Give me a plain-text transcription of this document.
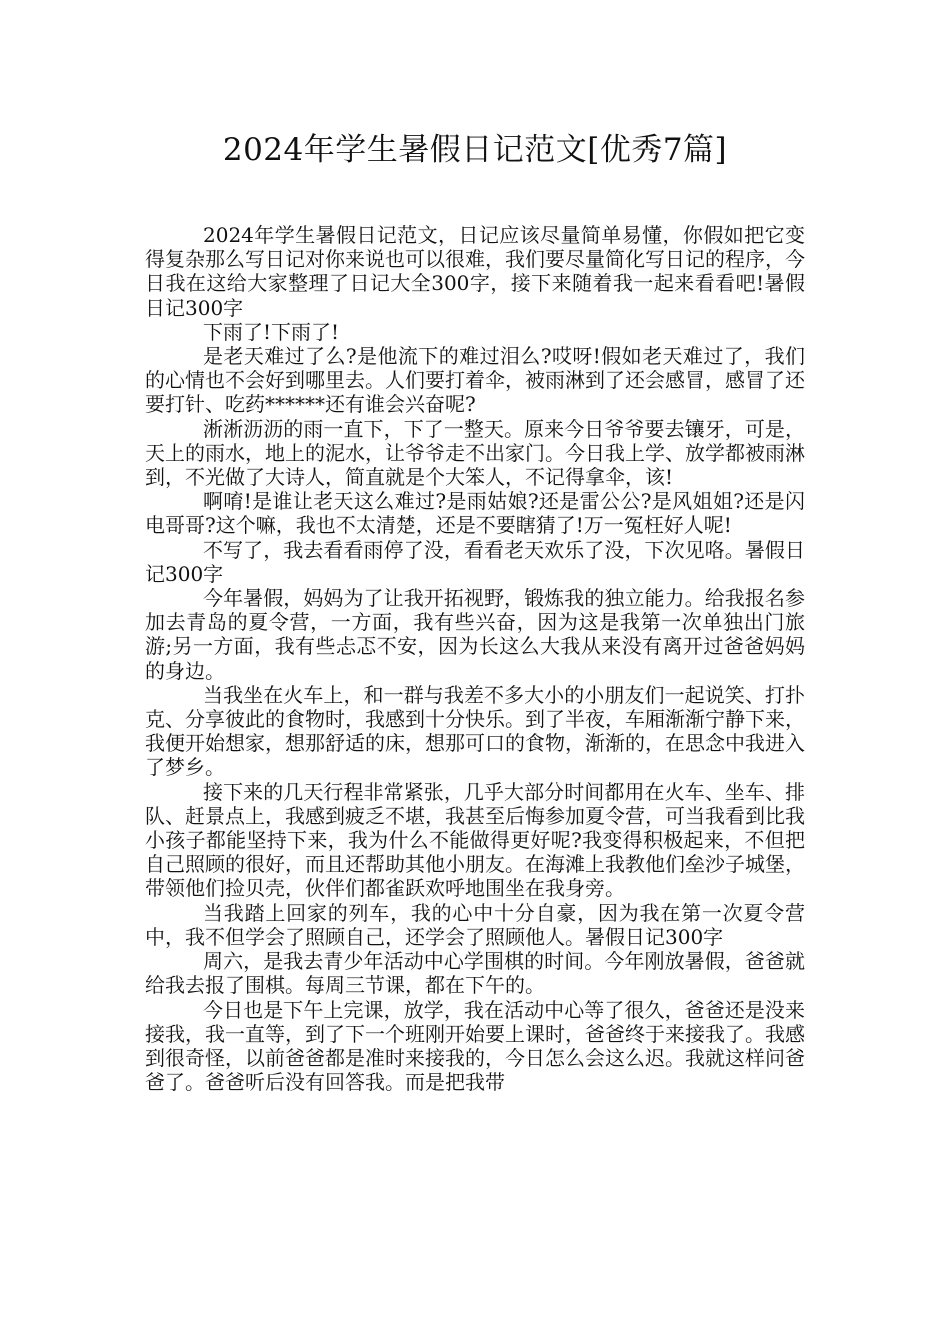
2024年学生暑假日记范文[优秀7篇]

2024年学生暑假日记范文，日记应该尽量简单易懂，你假如把它变得复杂那么写日记对你来说也可以很难，我们要尽量简化写日记的程序，今日我在这给大家整理了日记大全300字，接下来随着我一起来看看吧!暑假日记300字

下雨了!下雨了!

是老天难过了么?是他流下的难过泪么?哎呀!假如老天难过了，我们的心情也不会好到哪里去。人们要打着伞，被雨淋到了还会感冒，感冒了还要打针、吃药******还有谁会兴奋呢?

淅淅沥沥的雨一直下，下了一整天。原来今日爷爷要去镶牙，可是，天上的雨水，地上的泥水，让爷爷走不出家门。今日我上学、放学都被雨淋到，不光做了大诗人，简直就是个大笨人，不记得拿伞，该!

啊唷!是谁让老天这么难过?是雨姑娘?还是雷公公?是风姐姐?还是闪电哥哥?这个嘛，我也不太清楚，还是不要瞎猜了!万一冤枉好人呢!

不写了，我去看看雨停了没，看看老天欢乐了没，下次见咯。暑假日记300字

今年暑假，妈妈为了让我开拓视野，锻炼我的独立能力。给我报名参加去青岛的夏令营，一方面，我有些兴奋，因为这是我第一次单独出门旅游;另一方面，我有些忐忑不安，因为长这么大我从来没有离开过爸爸妈妈的身边。

当我坐在火车上，和一群与我差不多大小的小朋友们一起说笑、打扑克、分享彼此的食物时，我感到十分快乐。到了半夜，车厢渐渐宁静下来，我便开始想家，想那舒适的床，想那可口的食物，渐渐的，在思念中我进入了梦乡。

接下来的几天行程非常紧张，几乎大部分时间都用在火车、坐车、排队、赶景点上，我感到疲乏不堪，我甚至后悔参加夏令营，可当我看到比我小孩子都能坚持下来，我为什么不能做得更好呢?我变得积极起来，不但把自己照顾的很好，而且还帮助其他小朋友。在海滩上我教他们垒沙子城堡，带领他们捡贝壳，伙伴们都雀跃欢呼地围坐在我身旁。

当我踏上回家的列车，我的心中十分自豪，因为我在第一次夏令营中，我不但学会了照顾自己，还学会了照顾他人。暑假日记300字

周六，是我去青少年活动中心学围棋的时间。今年刚放暑假，爸爸就给我去报了围棋。每周三节课，都在下午的。

今日也是下午上完课，放学，我在活动中心等了很久，爸爸还是没来接我，我一直等，到了下一个班刚开始要上课时，爸爸终于来接我了。我感到很奇怪，以前爸爸都是准时来接我的，今日怎么会这么迟。我就这样问爸爸了。爸爸听后没有回答我。而是把我带
